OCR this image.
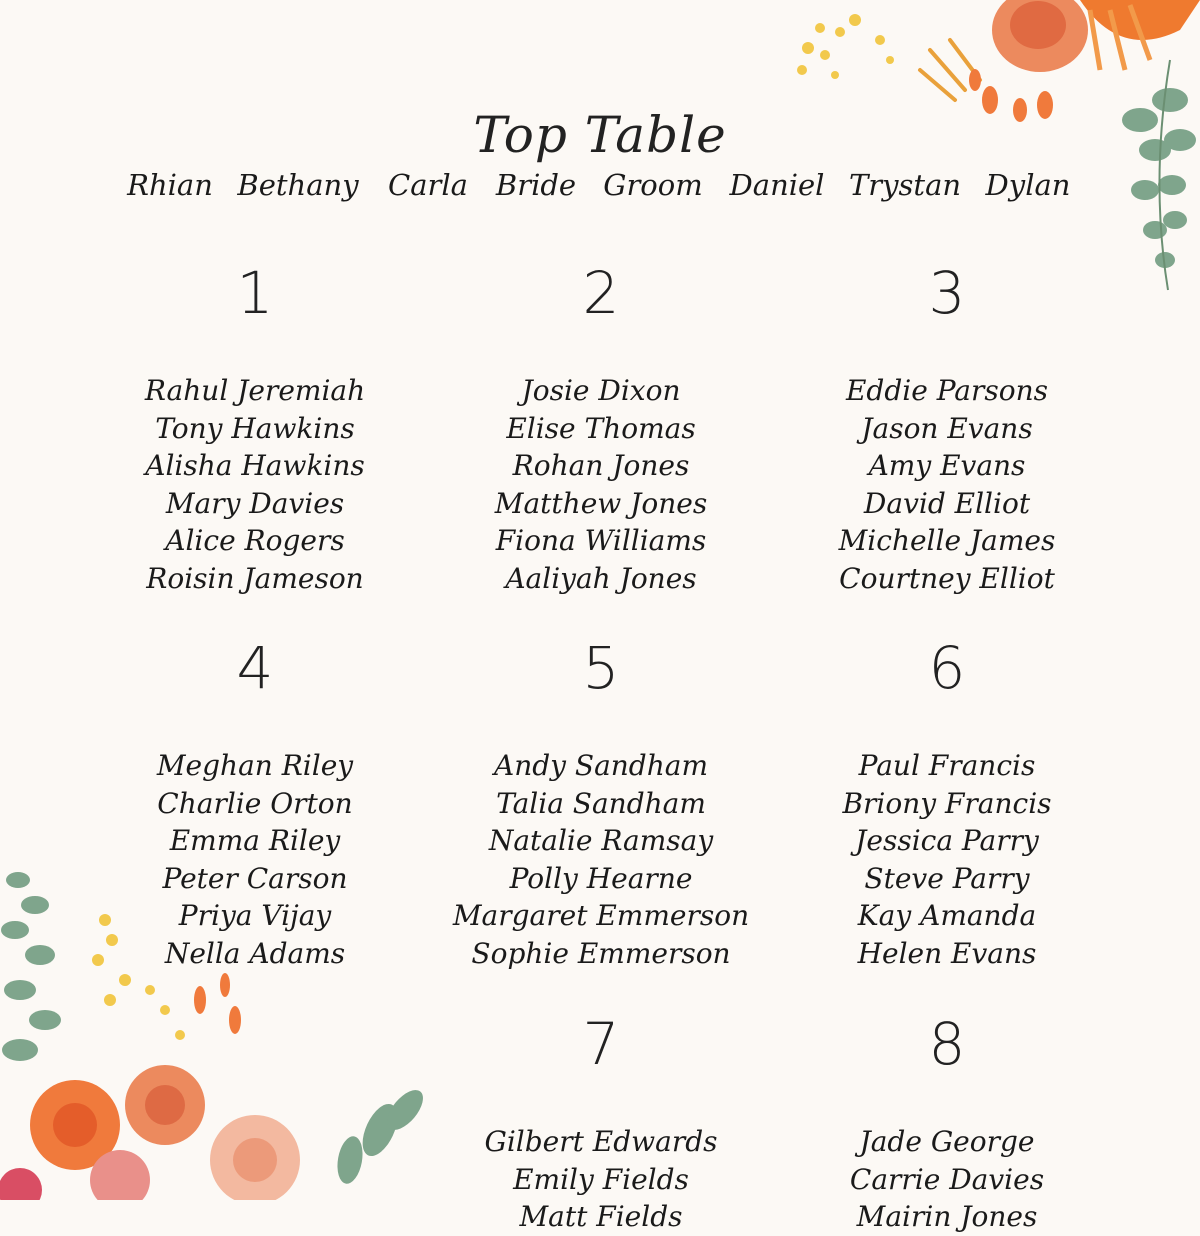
Top Table
Rhian Bethany Carla Bride Groom Daniel Trystan Dylan
1
Rahul Jeremiah
Tony Hawkins
Alisha Hawkins
Mary Davies
Alice Rogers
Roisin Jameson
2
Josie Dixon
Elise Thomas
Rohan Jones
Matthew Jones
Fiona Williams
Aaliyah Jones
3
Eddie Parsons
Jason Evans
Amy Evans
David Elliot
Michelle James
Courtney Elliot
4
Meghan Riley
Charlie Orton
Emma Riley
Peter Carson
Priya Vijay
Nella Adams
5
Andy Sandham
Talia Sandham
Natalie Ramsay
Polly Hearne
Margaret Emmerson
Sophie Emmerson
6
Paul Francis
Briony Francis
Jessica Parry
Steve Parry
Kay Amanda
Helen Evans
7
Gilbert Edwards
Emily Fields
Matt Fields
8
Jade George
Carrie Davies
Mairin Jones
